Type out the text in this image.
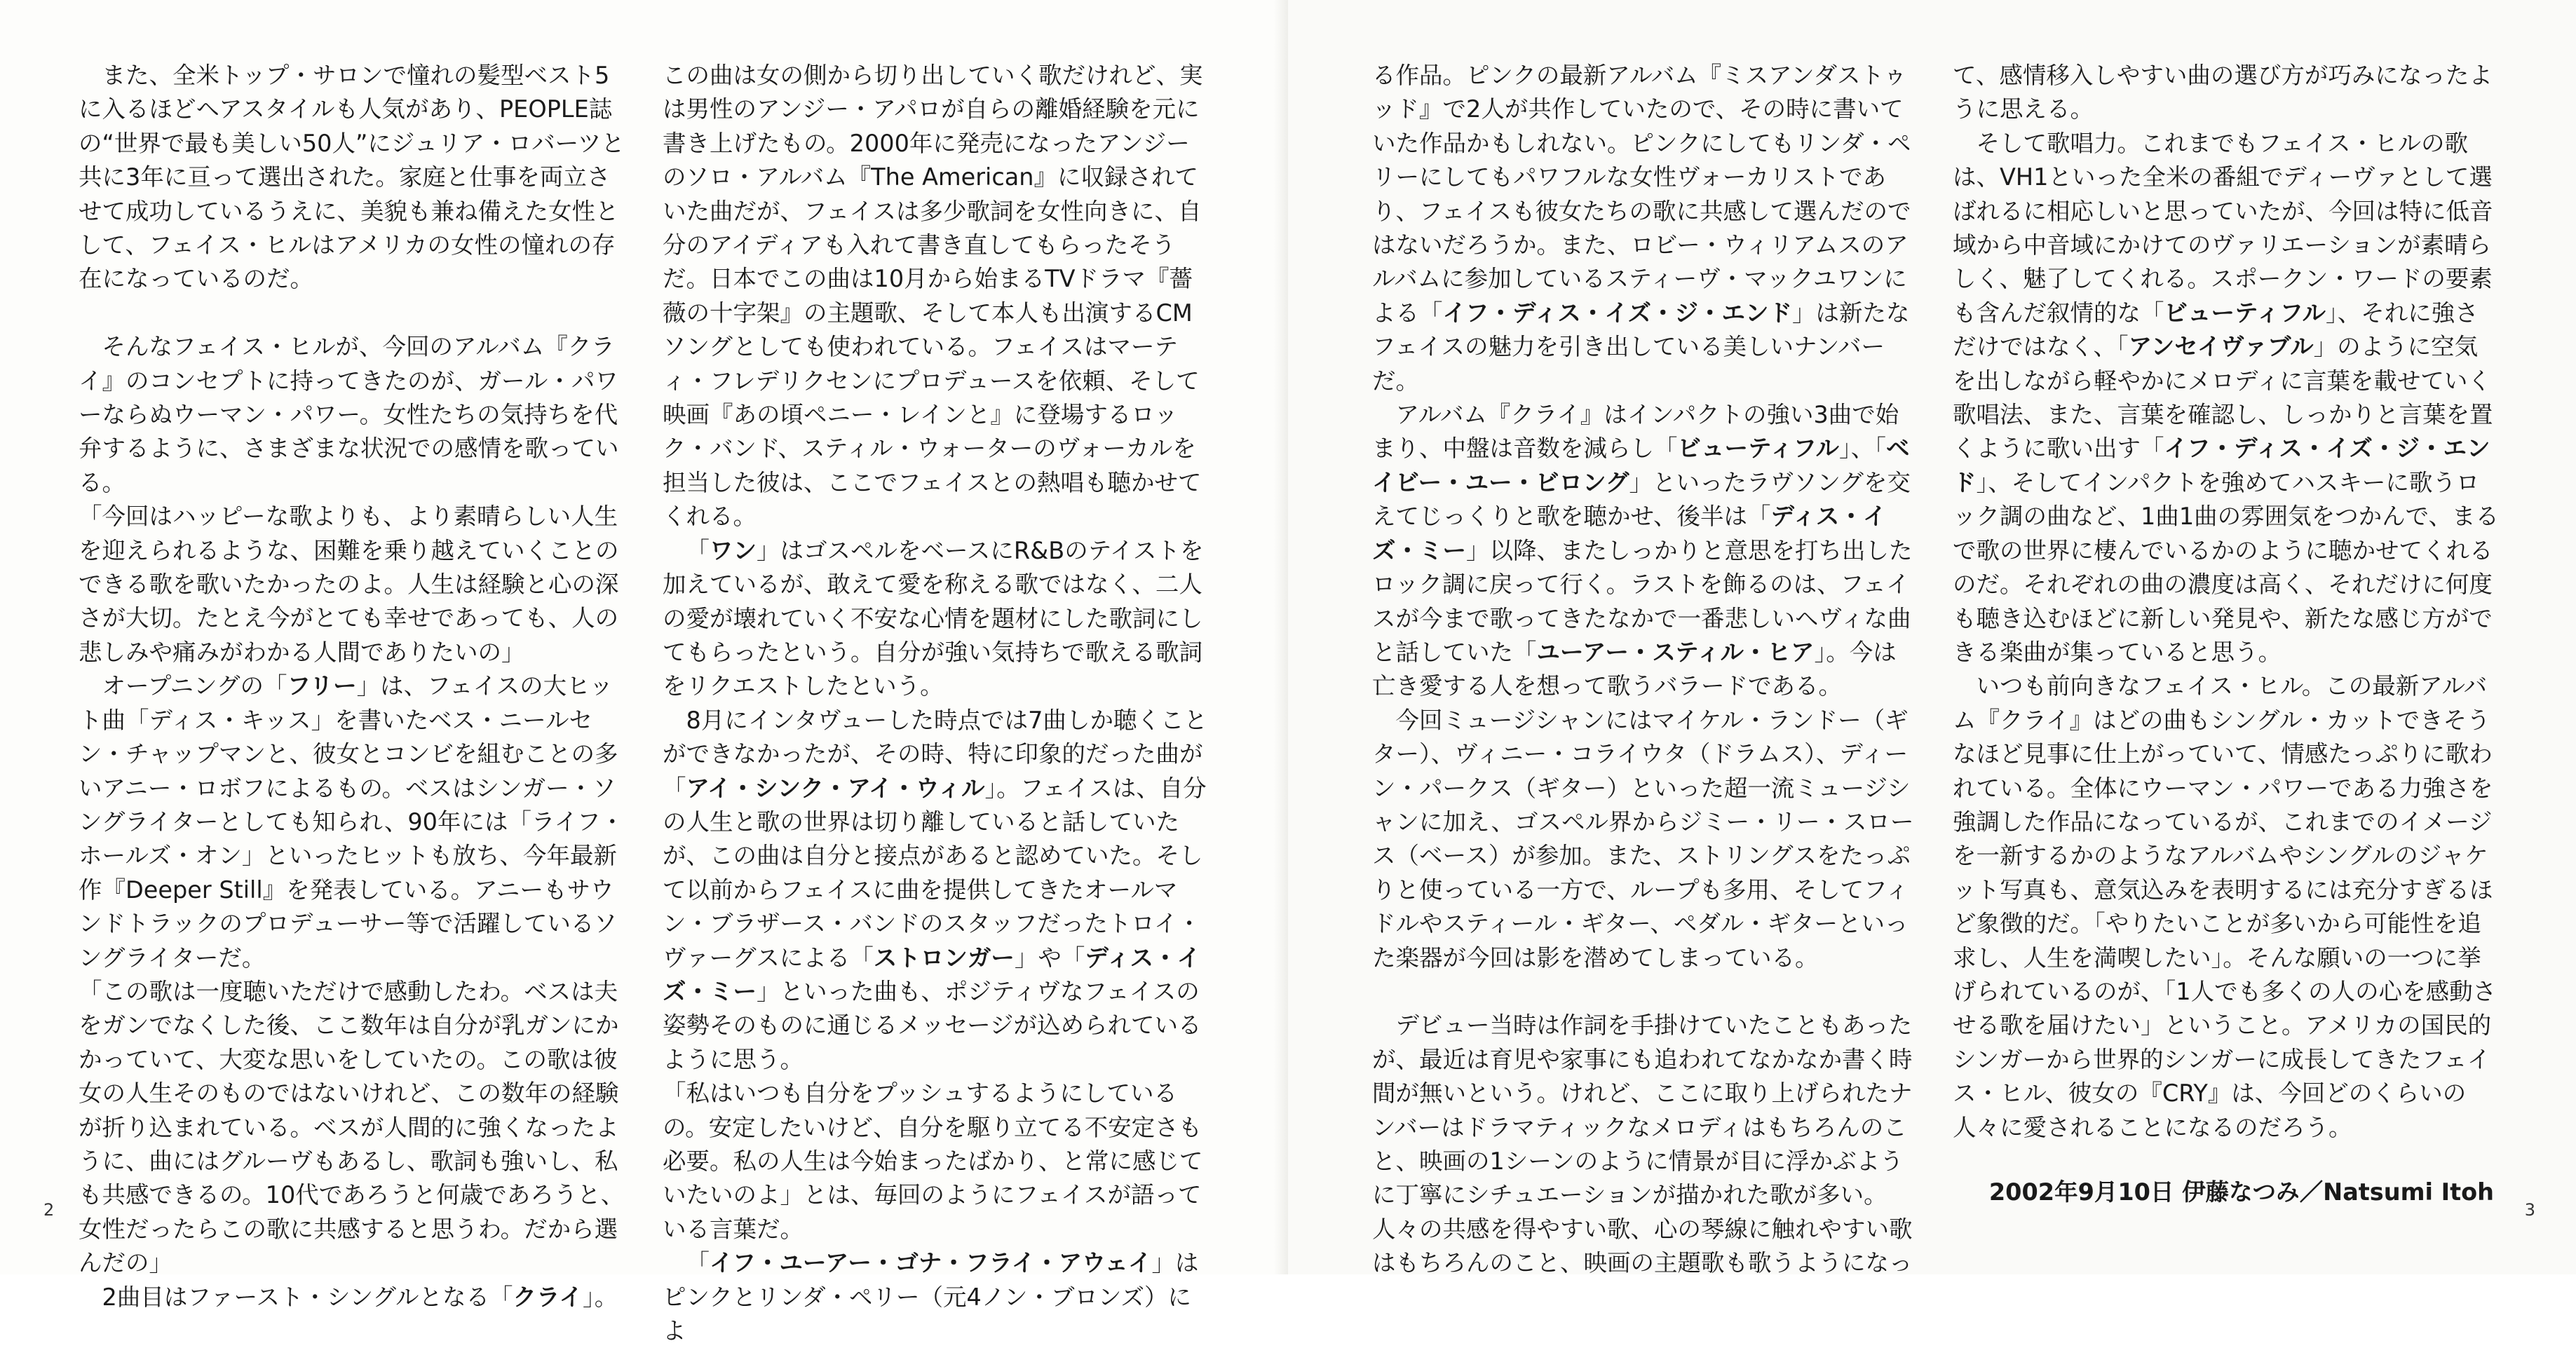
また、全米トップ・サロンで憧れの髪型ベスト5に入るほどヘアスタイルも人気があり、PEOPLE誌の“世界で最も美しい50人”にジュリア・ロバーツと共に3年に亘って選出された。家庭と仕事を両立させて成功しているうえに、美貌も兼ね備えた女性として、フェイス・ヒルはアメリカの女性の憧れの存在になっているのだ。

そんなフェイス・ヒルが、今回のアルバム『クライ』のコンセプトに持ってきたのが、ガール・パワーならぬウーマン・パワー。女性たちの気持ちを代弁するように、さまざまな状況での感情を歌っている。

「今回はハッピーな歌よりも、より素晴らしい人生を迎えられるような、困難を乗り越えていくことのできる歌を歌いたかったのよ。人生は経験と心の深さが大切。たとえ今がとても幸せであっても、人の悲しみや痛みがわかる人間でありたいの」

オープニングの「フリー」は、フェイスの大ヒット曲「ディス・キッス」を書いたベス・ニールセン・チャップマンと、彼女とコンビを組むことの多いアニー・ロボフによるもの。ベスはシンガー・ソングライターとしても知られ、90年には「ライフ・ホールズ・オン」といったヒットも放ち、今年最新作『Deeper Still』を発表している。アニーもサウンドトラックのプロデューサー等で活躍しているソングライターだ。

「この歌は一度聴いただけで感動したわ。ベスは夫をガンでなくした後、ここ数年は自分が乳ガンにかかっていて、大変な思いをしていたの。この歌は彼女の人生そのものではないけれど、この数年の経験が折り込まれている。ベスが人間的に強くなったように、曲にはグルーヴもあるし、歌詞も強いし、私も共感できるの。10代であろうと何歳であろうと、女性だったらこの歌に共感すると思うわ。だから選んだの」

2曲目はファースト・シングルとなる「クライ」。

この曲は女の側から切り出していく歌だけれど、実は男性のアンジー・アパロが自らの離婚経験を元に書き上げたもの。2000年に発売になったアンジーのソロ・アルバム『The American』に収録されていた曲だが、フェイスは多少歌詞を女性向きに、自分のアイディアも入れて書き直してもらったそうだ。日本でこの曲は10月から始まるTVドラマ『薔薇の十字架』の主題歌、そして本人も出演するCMソングとしても使われている。フェイスはマーティ・フレデリクセンにプロデュースを依頼、そして映画『あの頃ペニー・レインと』に登場するロック・バンド、スティル・ウォーターのヴォーカルを担当した彼は、ここでフェイスとの熱唱も聴かせてくれる。

「ワン」はゴスペルをベースにR&Bのテイストを加えているが、敢えて愛を称える歌ではなく、二人の愛が壊れていく不安な心情を題材にした歌詞にしてもらったという。自分が強い気持ちで歌える歌詞をリクエストしたという。

8月にインタヴューした時点では7曲しか聴くことができなかったが、その時、特に印象的だった曲が「アイ・シンク・アイ・ウィル」。フェイスは、自分の人生と歌の世界は切り離していると話していたが、この曲は自分と接点があると認めていた。そして以前からフェイスに曲を提供してきたオールマン・ブラザース・バンドのスタッフだったトロイ・ヴァーグスによる「ストロンガー」や「ディス・イズ・ミー」といった曲も、ポジティヴなフェイスの姿勢そのものに通じるメッセージが込められているように思う。

「私はいつも自分をプッシュするようにしているの。安定したいけど、自分を駆り立てる不安定さも必要。私の人生は今始まったばかり、と常に感じていたいのよ」とは、毎回のようにフェイスが語っている言葉だ。

「イフ・ユーアー・ゴナ・フライ・アウェイ」はピンクとリンダ・ペリー（元4ノン・ブロンズ）によ

2	3

る作品。ピンクの最新アルバム『ミスアンダストゥッド』で2人が共作していたので、その時に書いていた作品かもしれない。ピンクにしてもリンダ・ペリーにしてもパワフルな女性ヴォーカリストであり、フェイスも彼女たちの歌に共感して選んだのではないだろうか。また、ロビー・ウィリアムスのアルバムに参加しているスティーヴ・マックユワンによる「イフ・ディス・イズ・ジ・エンド」は新たなフェイスの魅力を引き出している美しいナンバーだ。

アルバム『クライ』はインパクトの強い3曲で始まり、中盤は音数を減らし「ビューティフル」、「ベイビー・ユー・ビロング」といったラヴソングを交えてじっくりと歌を聴かせ、後半は「ディス・イズ・ミー」以降、またしっかりと意思を打ち出したロック調に戻って行く。ラストを飾るのは、フェイスが今まで歌ってきたなかで一番悲しいヘヴィな曲と話していた「ユーアー・スティル・ヒア」。今は亡き愛する人を想って歌うバラードである。

今回ミュージシャンにはマイケル・ランドー（ギター）、ヴィニー・コライウタ（ドラムス）、ディーン・パークス（ギター）といった超一流ミュージシャンに加え、ゴスペル界からジミー・リー・スロース（ベース）が参加。また、ストリングスをたっぷりと使っている一方で、ループも多用、そしてフィドルやスティール・ギター、ペダル・ギターといった楽器が今回は影を潜めてしまっている。

デビュー当時は作詞を手掛けていたこともあったが、最近は育児や家事にも追われてなかなか書く時間が無いという。けれど、ここに取り上げられたナンバーはドラマティックなメロディはもちろんのこと、映画の1シーンのように情景が目に浮かぶように丁寧にシチュエーションが描かれた歌が多い。人々の共感を得やすい歌、心の琴線に触れやすい歌はもちろんのこと、映画の主題歌も歌うようになっ

て、感情移入しやすい曲の選び方が巧みになったように思える。

そして歌唱力。これまでもフェイス・ヒルの歌は、VH1といった全米の番組でディーヴァとして選ばれるに相応しいと思っていたが、今回は特に低音域から中音域にかけてのヴァリエーションが素晴らしく、魅了してくれる。スポークン・ワードの要素も含んだ叙情的な「ビューティフル」、それに強さだけではなく、「アンセイヴァブル」のように空気を出しながら軽やかにメロディに言葉を載せていく歌唱法、また、言葉を確認し、しっかりと言葉を置くように歌い出す「イフ・ディス・イズ・ジ・エンド」、そしてインパクトを強めてハスキーに歌うロック調の曲など、1曲1曲の雰囲気をつかんで、まるで歌の世界に棲んでいるかのように聴かせてくれるのだ。それぞれの曲の濃度は高く、それだけに何度も聴き込むほどに新しい発見や、新たな感じ方ができる楽曲が集っていると思う。

いつも前向きなフェイス・ヒル。この最新アルバム『クライ』はどの曲もシングル・カットできそうなほど見事に仕上がっていて、情感たっぷりに歌われている。全体にウーマン・パワーである力強さを強調した作品になっているが、これまでのイメージを一新するかのようなアルバムやシングルのジャケット写真も、意気込みを表明するには充分すぎるほど象徴的だ。「やりたいことが多いから可能性を追求し、人生を満喫したい」。そんな願いの一つに挙げられているのが、「1人でも多くの人の心を感動させる歌を届けたい」ということ。アメリカの国民的シンガーから世界的シンガーに成長してきたフェイス・ヒル、彼女の『CRY』は、今回どのくらいの人々に愛されることになるのだろう。

2002年9月10日 伊藤なつみ／Natsumi Itoh
